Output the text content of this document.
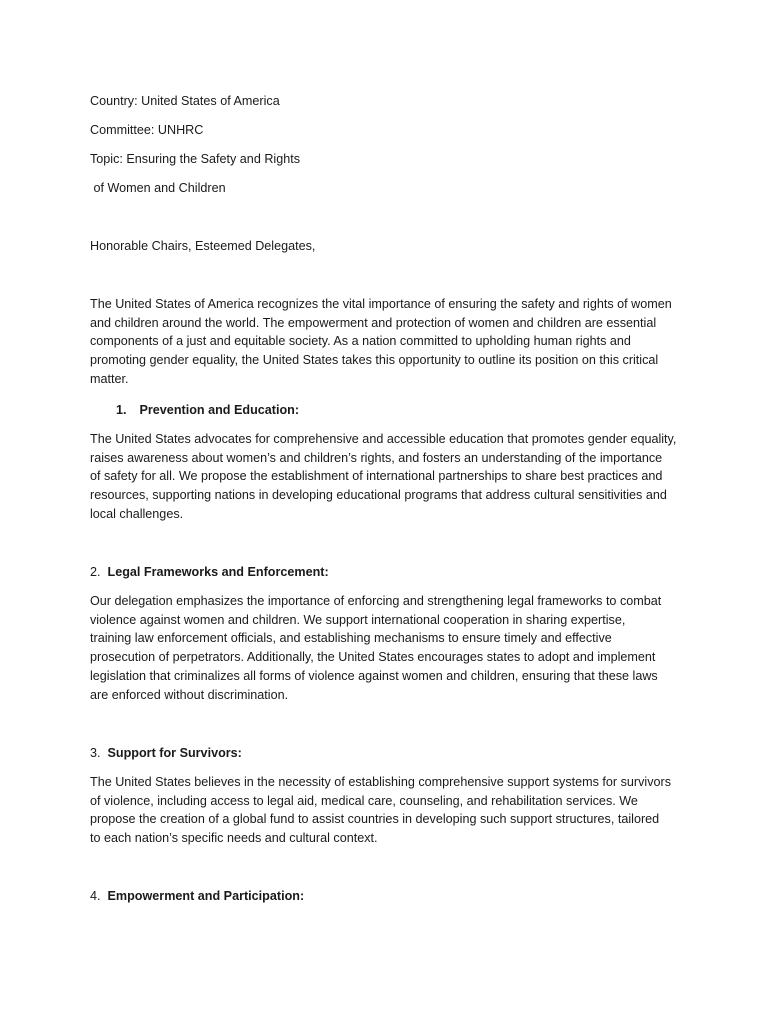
Country: United States of America

Committee: UNHRC

Topic: Ensuring the Safety and Rights

of Women and Children

Honorable Chairs, Esteemed Delegates,

The United States of America recognizes the vital importance of ensuring the safety and rights of women

and children around the world. The empowerment and protection of women and children are essential

components of a just and equitable society. As a nation committed to upholding human rights and

promoting gender equality, the United States takes this opportunity to outline its position on this critical

matter.

1. Prevention and Education:

The United States advocates for comprehensive and accessible education that promotes gender equality,

raises awareness about women’s and children’s rights, and fosters an understanding of the importance

of safety for all. We propose the establishment of international partnerships to share best practices and

resources, supporting nations in developing educational programs that address cultural sensitivities and

local challenges.

2.  Legal Frameworks and Enforcement:

Our delegation emphasizes the importance of enforcing and strengthening legal frameworks to combat

violence against women and children. We support international cooperation in sharing expertise,

training law enforcement officials, and establishing mechanisms to ensure timely and effective

prosecution of perpetrators. Additionally, the United States encourages states to adopt and implement

legislation that criminalizes all forms of violence against women and children, ensuring that these laws

are enforced without discrimination.

3.  Support for Survivors:

The United States believes in the necessity of establishing comprehensive support systems for survivors

of violence, including access to legal aid, medical care, counseling, and rehabilitation services. We

propose the creation of a global fund to assist countries in developing such support structures, tailored

to each nation’s specific needs and cultural context.

4.  Empowerment and Participation:
